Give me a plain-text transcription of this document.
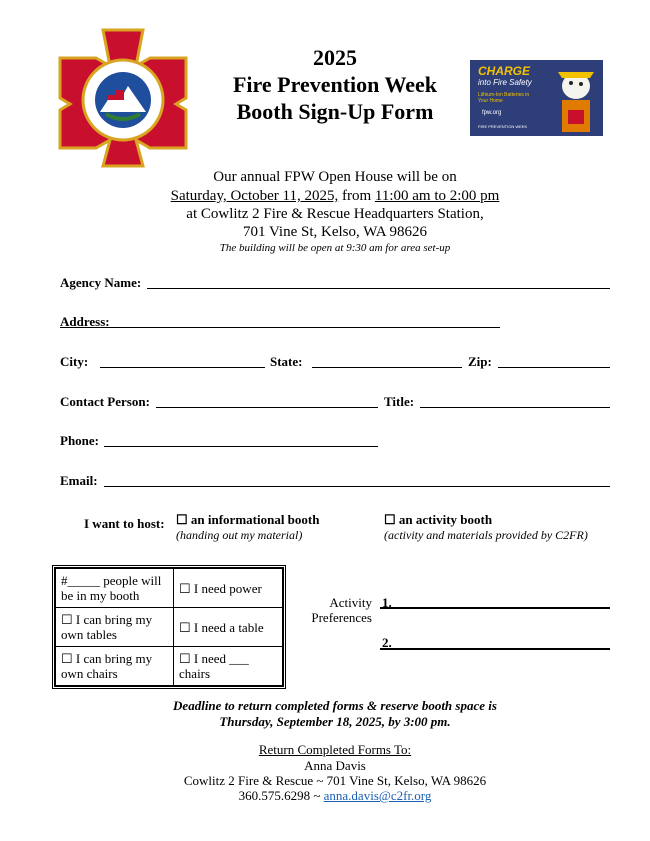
2025
Fire Prevention Week
Booth Sign-Up Form
CHARGE
into Fire Safety
Lithium-Ion Batteries in Your Home
fpw.org
FIRE PREVENTION WEEK
Our annual FPW Open House will be on
Saturday, October 11, 2025, from 11:00 am to 2:00 pm
at Cowlitz 2 Fire & Rescue Headquarters Station,
701 Vine St, Kelso, WA 98626
The building will be open at 9:30 am for area set-up
Agency Name:
Address:
City:	State:	Zip:
Contact Person:	Title:
Phone:
Email:
I want to host: ☐ an informational booth
(handing out my material)
☐ an activity booth
(activity and materials provided by C2FR)
#_____ people will be in my booth	☐ I need power
☐ I can bring my own tables	☐ I need a table
☐ I can bring my own chairs	☐ I need ___ chairs
Activity
Preferences
1.
2.
Deadline to return completed forms & reserve booth space is
Thursday, September 18, 2025, by 3:00 pm.
Return Completed Forms To:
Anna Davis
Cowlitz 2 Fire & Rescue ~ 701 Vine St, Kelso, WA 98626
360.575.6298 ~ anna.davis@c2fr.org
